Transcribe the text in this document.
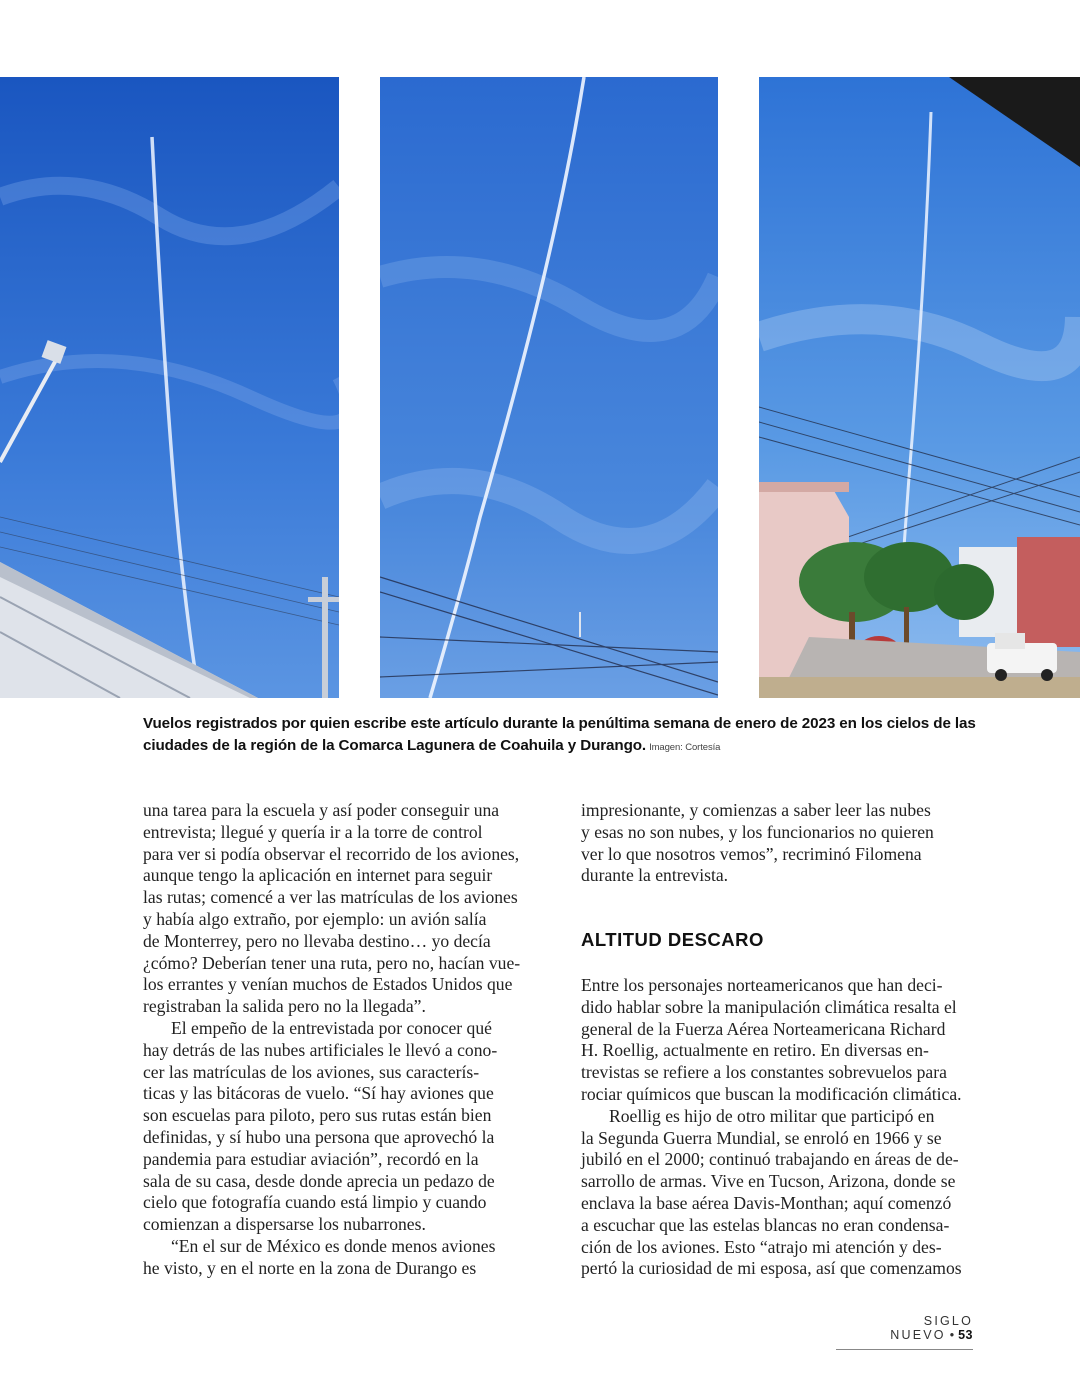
Vuelos registrados por quien escribe este artículo durante la penúltima semana de enero de 2023 en los cielos de las ciudades de la región de la Comarca Lagunera de Coahuila y Durango. Imagen: Cortesía

una tarea para la escuela y así poder conseguir una
entrevista; llegué y quería ir a la torre de control
para ver si podía observar el recorrido de los aviones,
aunque tengo la aplicación en internet para seguir
las rutas; comencé a ver las matrículas de los aviones
y había algo extraño, por ejemplo: un avión salía
de Monterrey, pero no llevaba destino… yo decía
¿cómo? Deberían tener una ruta, pero no, hacían vue-
los errantes y venían muchos de Estados Unidos que
registraban la salida pero no la llegada”.

El empeño de la entrevistada por conocer qué
hay detrás de las nubes artificiales le llevó a cono-
cer las matrículas de los aviones, sus caracterís-
ticas y las bitácoras de vuelo. “Sí hay aviones que
son escuelas para piloto, pero sus rutas están bien
definidas, y sí hubo una persona que aprovechó la
pandemia para estudiar aviación”, recordó en la
sala de su casa, desde donde aprecia un pedazo de
cielo que fotografía cuando está limpio y cuando
comienzan a dispersarse los nubarrones.

“En el sur de México es donde menos aviones
he visto, y en el norte en la zona de Durango es

impresionante, y comienzas a saber leer las nubes
y esas no son nubes, y los funcionarios no quieren
ver lo que nosotros vemos”, recriminó Filomena
durante la entrevista.

ALTITUD DESCARO

Entre los personajes norteamericanos que han deci-
dido hablar sobre la manipulación climática resalta el
general de la Fuerza Aérea Norteamericana Richard
H. Roellig, actualmente en retiro. En diversas en-
trevistas se refiere a los constantes sobrevuelos para
rociar químicos que buscan la modificación climática.

Roellig es hijo de otro militar que participó en
la Segunda Guerra Mundial, se enroló en 1966 y se
jubiló en el 2000; continuó trabajando en áreas de de-
sarrollo de armas. Vive en Tucson, Arizona, donde se
enclava la base aérea Davis-Monthan; aquí comenzó
a escuchar que las estelas blancas no eran condensa-
ción de los aviones. Esto “atrajo mi atención y des-
pertó la curiosidad de mi esposa, así que comenzamos

SIGLO NUEVO • 53
